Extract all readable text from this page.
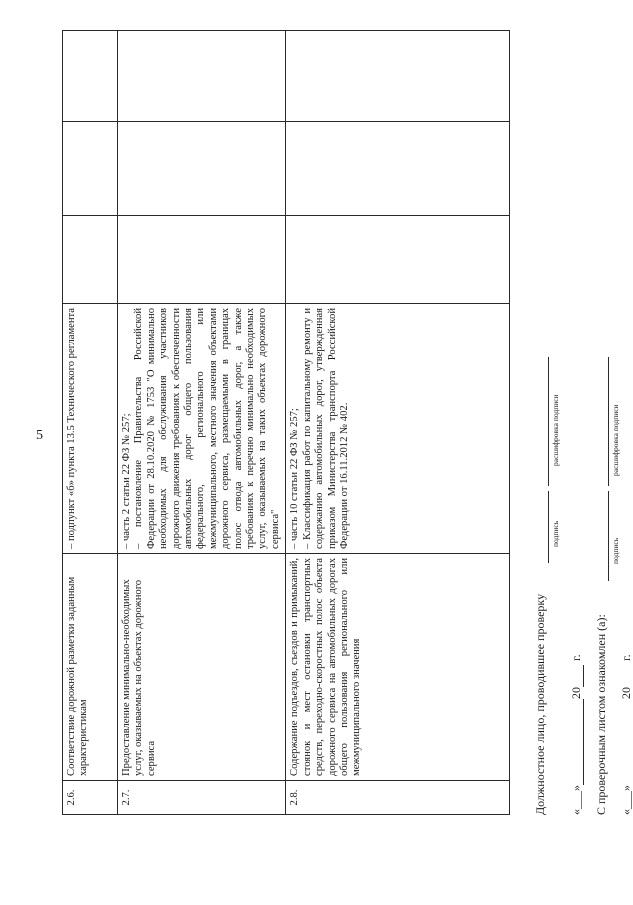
5
2.6.	Соответствие дорожной разметки заданным характеристикам	– подпункт «б» пункта 13.5 Технического регламента			

2.7.	Предоставление минимально-необходимых услуг, оказываемых на объектах дорожного сервиса	– часть 2 статьи 22 ФЗ № 257; – постановление Правительства Российской Федерации от 28.10.2020 № 1753 "О минимально необходимых для обслуживания участников дорожного движения требованиях к обеспеченности автомобильных дорог общего пользования федерального, регионального или межмуниципального, местного значения объектами дорожного сервиса, размещаемыми в границах полос отвода автомобильных дорог, а также требованиях к перечню минимально необходимых услуг, оказываемых на таких объектах дорожного сервиса"			

2.8.	Содержание подъездов, съездов и примыканий, стоянок и мест остановки транспортных средств, переходно-скоростных полос объекта дорожного сервиса на автомобильных дорогах общего пользования регионального или межмуниципального значения	– часть 10 статьи 22 ФЗ № 257; – Классификация работ по капитальному ремонту и содержанию автомобильных дорог, утвержденная приказом Министерства транспорта Российской Федерации от 16.11.2012 № 402.			

Должностное лицо, проводившее проверку
подпись
расшифровка подписи
«___» 20 г. С проверочным листом ознакомлен (а):
подпись
расшифровка подписи
«___» 20 г.
